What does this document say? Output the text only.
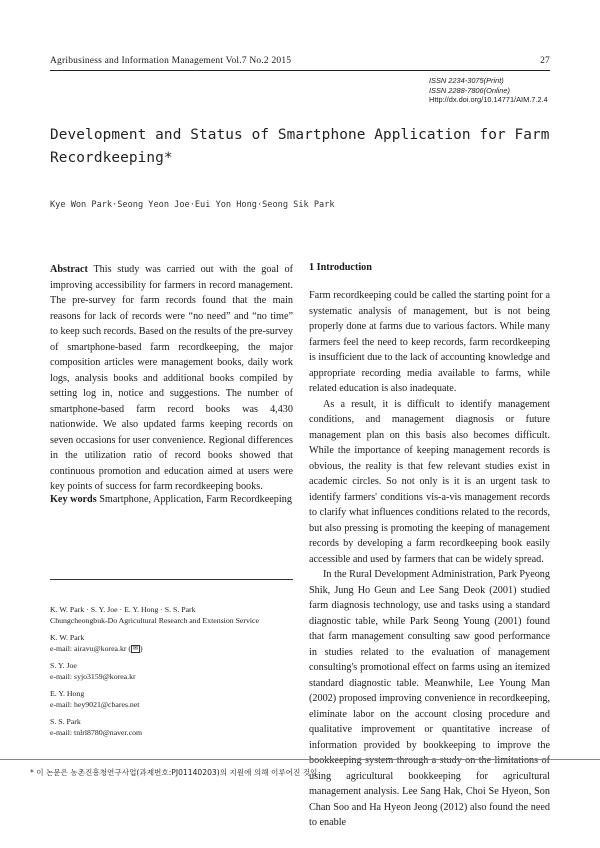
Agribusiness and Information Management Vol.7 No.2 2015	27
ISSN 2234-3075(Print)
ISSN 2288-7806(Online)
Http://dx.doi.org/10.14771/AIM.7.2.4
Development and Status of Smartphone Application for Farm
Recordkeeping*
Kye Won Park·Seong Yeon Joe·Eui Yon Hong·Seong Sik Park

Abstract This study was carried out with the goal of improving accessibility for farmers in record management. The pre-survey for farm records found that the main reasons for lack of records were “no need” and “no time” to keep such records. Based on the results of the pre-survey of smartphone-based farm recordkeeping, the major composition articles were management books, daily work logs, analysis books and additional books compiled by setting log in, notice and suggestions. The number of smartphone-based farm record books was 4,430 nationwide. We also updated farms keeping records on seven occasions for user convenience. Regional differences in the utilization ratio of record books showed that continuous promotion and education aimed at users were key points of success for farm recordkeeping books.

Key words Smartphone, Application, Farm Recordkeeping
K. W. Park · S. Y. Joe · E. Y. Hong · S. S. Park
Chungcheongbuk-Do Agricultural Research and Extension Service
K. W. Park
e-mail: airavu@korea.kr ( ✉ )
S. Y. Joe
e-mail: syjo3159@korea.kr
E. Y. Hong
e-mail: hey9021@cbares.net
S. S. Park
e-mail: tnlrl8780@naver.com
1 Introduction

Farm recordkeeping could be called the starting point for a systematic analysis of management, but is not being properly done at farms due to various factors. While many farmers feel the need to keep records, farm recordkeeping is insufficient due to the lack of accounting knowledge and appropriate recording media available to farms, while related education is also inadequate.

As a result, it is difficult to identify management conditions, and management diagnosis or future management plan on this basis also becomes difficult. While the importance of keeping management records is obvious, the reality is that few relevant studies exist in academic circles. So not only is it is an urgent task to identify farmers' conditions vis-a-vis management records to clarify what influences conditions related to the records, but also pressing is promoting the keeping of management records by developing a farm recordkeeping book easily accessible and used by farmers that can be widely spread.

In the Rural Development Administration, Park Pyeong Shik, Jung Ho Geun and Lee Sang Deok (2001) studied farm diagnosis technology, use and tasks using a standard diagnostic table, while Park Seong Young (2001) found that farm management consulting saw good performance in studies related to the evaluation of management consulting's promotional effect on farms using an itemized standard diagnostic table. Meanwhile, Lee Young Man (2002) proposed improving convenience in recordkeeping, eliminate labor on the account closing procedure and qualitative improvement or quantitative increase of information provided by bookkeeping to improve the bookkeeping system through a study on the limitations of using agricultural bookkeeping for agricultural management analysis. Lee Sang Hak, Choi Se Hyeon, Son Chan Soo and Ha Hyeon Jeong (2012) also found the need to enable

* 이 논문은 농촌진흥청연구사업(과제번호:PJ01140203)의 지원에 의해 이루어진 것임
